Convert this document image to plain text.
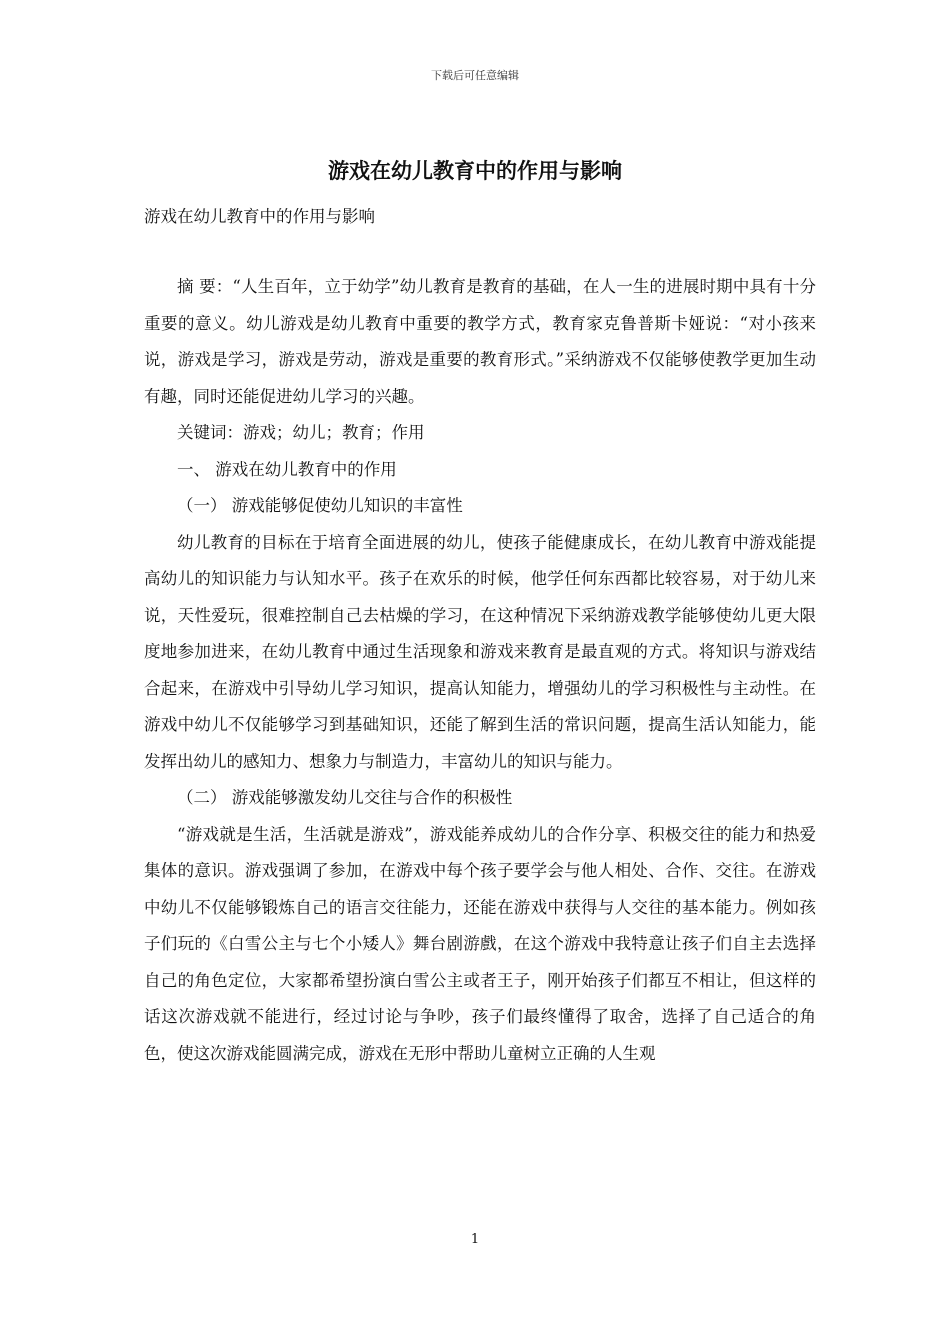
下载后可任意编辑
游戏在幼儿教育中的作用与影响
游戏在幼儿教育中的作用与影响

摘 要：“人生百年，立于幼学”幼儿教育是教育的基础，在人一生的进展时期中具有十分重要的意义。幼儿游戏是幼儿教育中重要的教学方式，教育家克鲁普斯卡娅说：“对小孩来说，游戏是学习，游戏是劳动，游戏是重要的教育形式。”采纳游戏不仅能够使教学更加生动有趣，同时还能促进幼儿学习的兴趣。

关键词：游戏；幼儿；教育；作用

一、 游戏在幼儿教育中的作用

（一） 游戏能够促使幼儿知识的丰富性

幼儿教育的目标在于培育全面进展的幼儿，使孩子能健康成长，在幼儿教育中游戏能提高幼儿的知识能力与认知水平。孩子在欢乐的时候，他学任何东西都比较容易，对于幼儿来说，天性爱玩，很难控制自己去枯燥的学习，在这种情况下采纳游戏教学能够使幼儿更大限度地参加进来，在幼儿教育中通过生活现象和游戏来教育是最直观的方式。将知识与游戏结合起来，在游戏中引导幼儿学习知识，提高认知能力，增强幼儿的学习积极性与主动性。在游戏中幼儿不仅能够学习到基础知识，还能了解到生活的常识问题，提高生活认知能力，能发挥出幼儿的感知力、想象力与制造力，丰富幼儿的知识与能力。

（二） 游戏能够激发幼儿交往与合作的积极性

“游戏就是生活，生活就是游戏”，游戏能养成幼儿的合作分享、积极交往的能力和热爱集体的意识。游戏强调了参加，在游戏中每个孩子要学会与他人相处、合作、交往。在游戏中幼儿不仅能够锻炼自己的语言交往能力，还能在游戏中获得与人交往的基本能力。例如孩子们玩的《白雪公主与七个小矮人》舞台剧游戲，在这个游戏中我特意让孩子们自主去选择自己的角色定位，大家都希望扮演白雪公主或者王子，刚开始孩子们都互不相让，但这样的话这次游戏就不能进行，经过讨论与争吵，孩子们最终懂得了取舍，选择了自己适合的角色，使这次游戏能圆满完成，游戏在无形中帮助儿童树立正确的人生观

1
